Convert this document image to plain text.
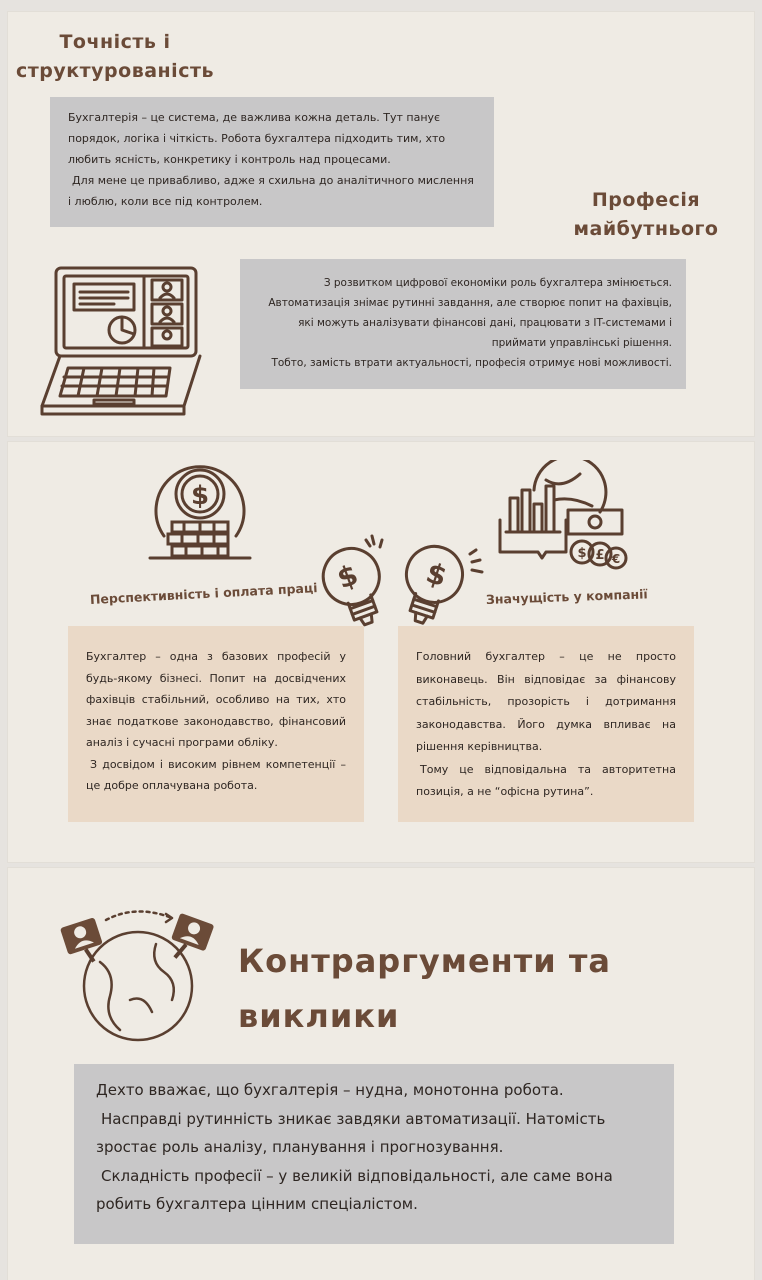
Точність і
структурованість
Бухгалтерія – це система, де важлива кожна деталь. Тут панує порядок, логіка і чіткість. Робота бухгалтера підходить тим, хто любить ясність, конкретику і контроль над процесами.
Для мене це привабливо, адже я схильна до аналітичного мислення і люблю, коли все під контролем.	Професія
майбутнього
З розвитком цифрової економіки роль бухгалтера змінюється.
Автоматизація знімає рутинні завдання, але створює попит на фахівців, які можуть аналізувати фінансові дані, працювати з IT-системами і приймати управлінські рішення.
Тобто, замість втрати актуальності, професія отримує нові можливості.
$
$ £ €
$ $
Перспективність і оплата праці	Значущість у компанії
Бухгалтер – одна з базових професій у будь-якому бізнесі. Попит на досвідчених фахівців стабільний, особливо на тих, хто знає податкове законодавство, фінансовий аналіз і сучасні програми обліку.
З досвідом і високим рівнем компетенції – це добре оплачувана робота.
Головний бухгалтер – це не просто виконавець. Він відповідає за фінансову стабільність, прозорість і дотримання законодавства. Його думка впливає на рішення керівництва.
Тому це відповідальна та авторитетна позиція, а не “офісна рутина”.
Контраргументи та
виклики
Дехто вважає, що бухгалтерія – нудна, монотонна робота.
Насправді рутинність зникає завдяки автоматизації. Натомість зростає роль аналізу, планування і прогнозування.
Складність професії – у великій відповідальності, але саме вона робить бухгалтера цінним спеціалістом.
